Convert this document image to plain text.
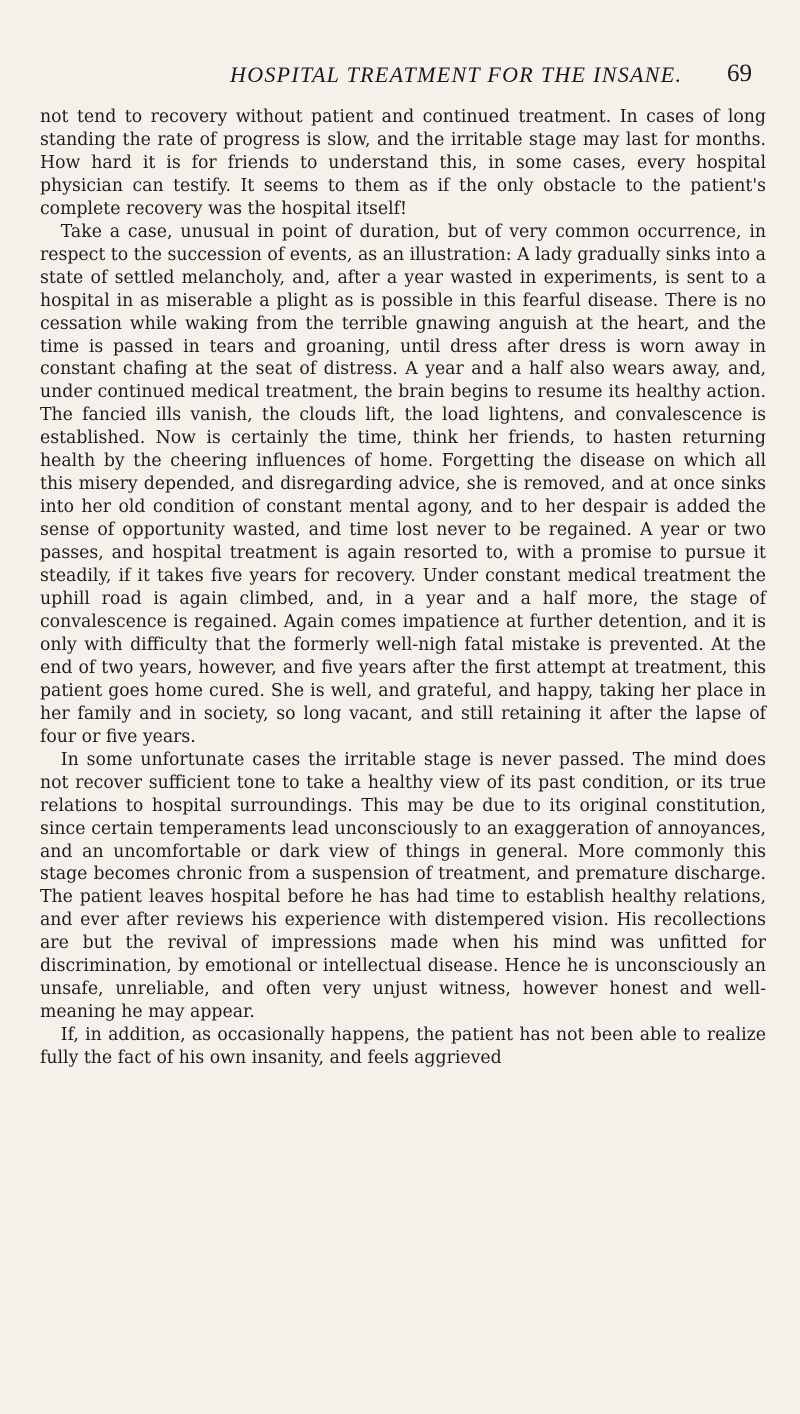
HOSPITAL TREATMENT FOR THE INSANE. 69

not tend to recovery without patient and continued treatment. In cases of long standing the rate of progress is slow, and the irritable stage may last for months. How hard it is for friends to understand this, in some cases, every hospital physician can testify. It seems to them as if the only obstacle to the patient's complete recovery was the hospital itself!

Take a case, unusual in point of duration, but of very common occurrence, in respect to the succession of events, as an illustration: A lady gradually sinks into a state of settled melancholy, and, after a year wasted in experiments, is sent to a hospital in as miserable a plight as is possible in this fearful disease. There is no cessation while waking from the terrible gnawing anguish at the heart, and the time is passed in tears and groaning, until dress after dress is worn away in constant chafing at the seat of distress. A year and a half also wears away, and, under continued medical treatment, the brain begins to resume its healthy action. The fancied ills vanish, the clouds lift, the load lightens, and convalescence is established. Now is certainly the time, think her friends, to hasten returning health by the cheering influences of home. Forgetting the disease on which all this misery depended, and disregarding advice, she is removed, and at once sinks into her old condition of constant mental agony, and to her despair is added the sense of opportunity wasted, and time lost never to be regained. A year or two passes, and hospital treatment is again resorted to, with a promise to pursue it steadily, if it takes five years for recovery. Under constant medical treatment the uphill road is again climbed, and, in a year and a half more, the stage of convalescence is regained. Again comes impatience at further detention, and it is only with difficulty that the formerly well-nigh fatal mistake is prevented. At the end of two years, however, and five years after the first attempt at treatment, this patient goes home cured. She is well, and grateful, and happy, taking her place in her family and in society, so long vacant, and still retaining it after the lapse of four or five years.

In some unfortunate cases the irritable stage is never passed. The mind does not recover sufficient tone to take a healthy view of its past condition, or its true relations to hospital surroundings. This may be due to its original constitution, since certain temperaments lead unconsciously to an exaggeration of annoyances, and an uncomfortable or dark view of things in general. More commonly this stage becomes chronic from a suspension of treatment, and premature discharge. The patient leaves hospital before he has had time to establish healthy relations, and ever after reviews his experience with distempered vision. His recollections are but the revival of impressions made when his mind was unfitted for discrimination, by emotional or intellectual disease. Hence he is unconsciously an unsafe, unreliable, and often very unjust witness, however honest and well-meaning he may appear.

If, in addition, as occasionally happens, the patient has not been able to realize fully the fact of his own insanity, and feels aggrieved
